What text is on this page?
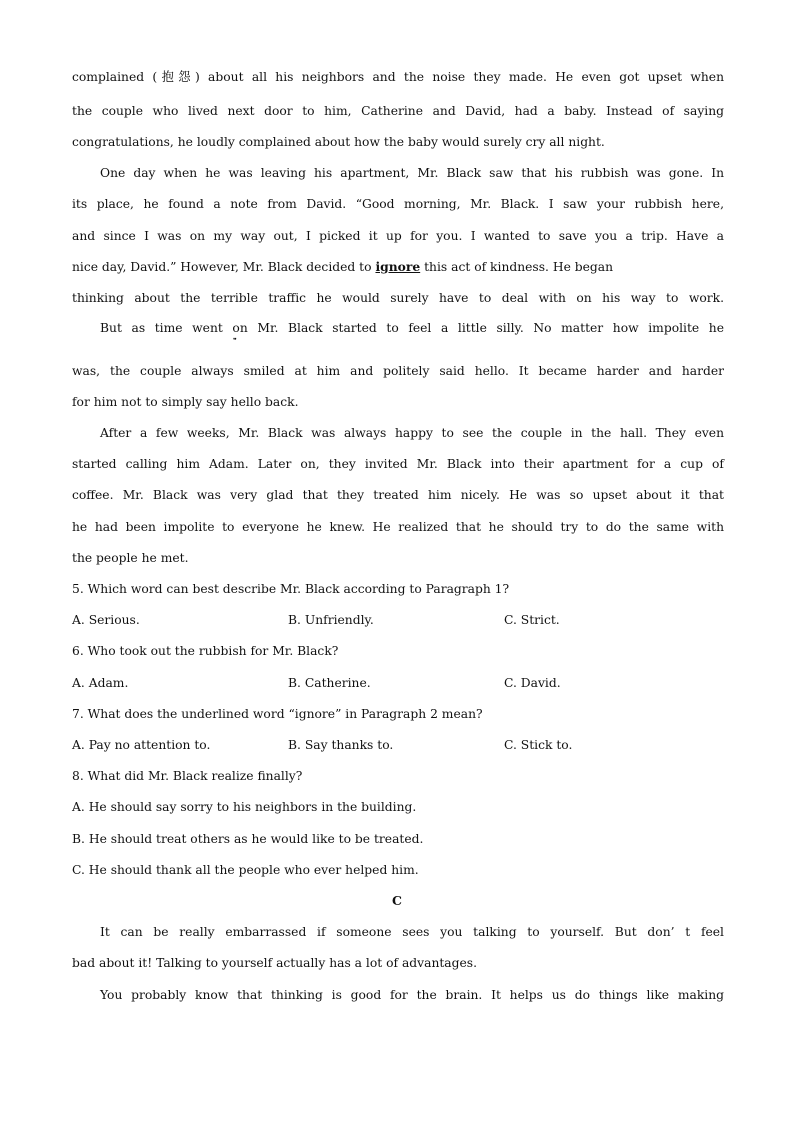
complained (抱怨) about all his neighbors and the noise they made. He even got upset when
the couple who lived next door to him, Catherine and David, had a baby. Instead of saying
congratulations, he loudly complained about how the baby would surely cry all night.
One day when he was leaving his apartment, Mr. Black saw that his rubbish was gone. In
its place, he found a note from David. “Good morning, Mr. Black. I saw your rubbish here,
and since I was on my way out, I picked it up for you. I wanted to save you a trip. Have a
nice day, David.” However, Mr. Black decided to ignore this act of kindness. He began
thinking about the terrible traffic he would surely have to deal with on his way to work.
But as time went on Mr. Black started to feel a little silly. No matter how impolite he
❞
was, the couple always smiled at him and politely said hello. It became harder and harder
for him not to simply say hello back.
After a few weeks, Mr. Black was always happy to see the couple in the hall. They even
started calling him Adam. Later on, they invited Mr. Black into their apartment for a cup of
coffee. Mr. Black was very glad that they treated him nicely. He was so upset about it that
he had been impolite to everyone he knew. He realized that he should try to do the same with
the people he met.
5. Which word can best describe Mr. Black according to Paragraph 1?
A. Serious.	B. Unfriendly.	C. Strict.
6. Who took out the rubbish for Mr. Black?
A. Adam.	B. Catherine.	C. David.
7. What does the underlined word “ignore” in Paragraph 2 mean?
A. Pay no attention to.	B. Say thanks to.	C. Stick to.
8. What did Mr. Black realize finally?
A. He should say sorry to his neighbors in the building.
B. He should treat others as he would like to be treated.
C. He should thank all the people who ever helped him.
C
It can be really embarrassed if someone sees you talking to yourself. But don’ t feel
bad about it! Talking to yourself actually has a lot of advantages.
You probably know that thinking is good for the brain. It helps us do things like making
